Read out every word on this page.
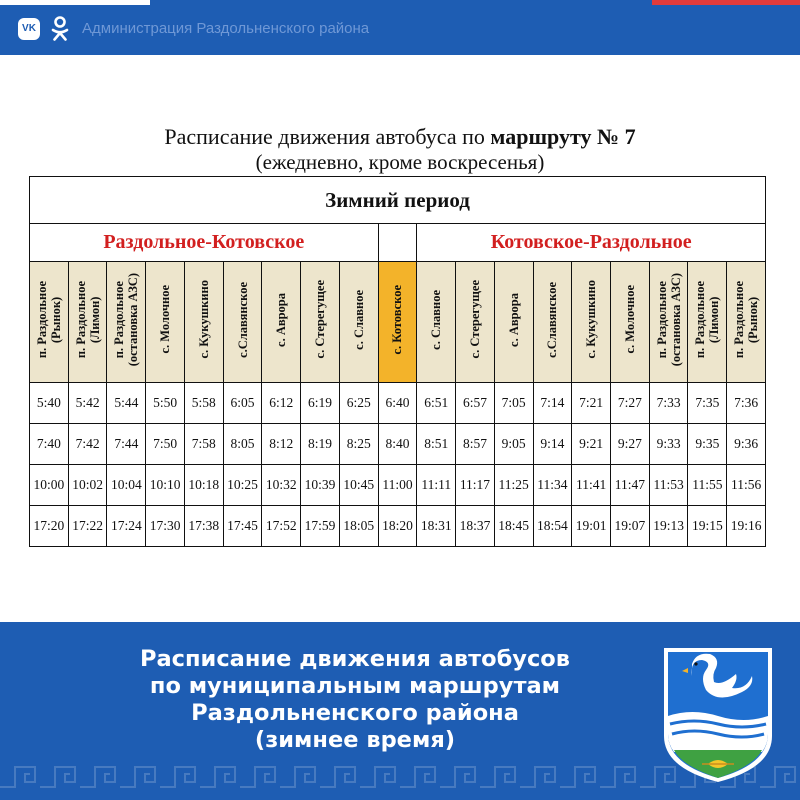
VK	Администрация Раздольненского района
Расписание движения автобуса по маршруту № 7
(ежедневно, кроме воскресенья)
Зимний период																		
Раздольное-Котовское										Котовское-Раздольное								
п. Раздольное
(Рынок)	п. Раздольное
(Лимон)	п. Раздольное
(остановка АЗС)	с. Молочное	с. Кукушкино	с.Славянское	с. Аврора	с. Стерегущее	с. Славное	с. Котовское	с. Славное	с. Стерегущее	с. Аврора	с.Славянское	с. Кукушкино	с. Молочное	п. Раздольное
(остановка АЗС)	п. Раздольное
(Лимон)	п. Раздольное
(Рынок)
5:40	5:42	5:44	5:50	5:58	6:05	6:12	6:19	6:25	6:40	6:51	6:57	7:05	7:14	7:21	7:27	7:33	7:35	7:36
7:40	7:42	7:44	7:50	7:58	8:05	8:12	8:19	8:25	8:40	8:51	8:57	9:05	9:14	9:21	9:27	9:33	9:35	9:36
10:00	10:02	10:04	10:10	10:18	10:25	10:32	10:39	10:45	11:00	11:11	11:17	11:25	11:34	11:41	11:47	11:53	11:55	11:56
17:20	17:22	17:24	17:30	17:38	17:45	17:52	17:59	18:05	18:20	18:31	18:37	18:45	18:54	19:01	19:07	19:13	19:15	19:16
Расписание движения автобусов
по муниципальным маршрутам
Раздольненского района
(зимнее время)
